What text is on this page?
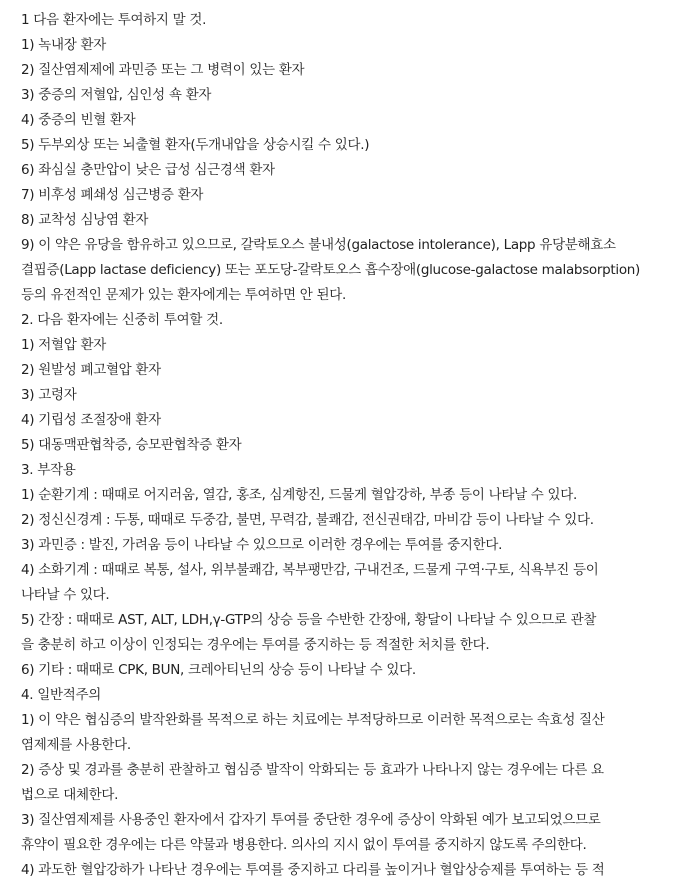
1 다음 환자에는 투여하지 말 것.

1) 녹내장 환자

2) 질산염제제에 과민증 또는 그 병력이 있는 환자

3) 중증의 저혈압, 심인성 쇽 환자

4) 중증의 빈혈 환자

5) 두부외상 또는 뇌출혈 환자(두개내압을 상승시킬 수 있다.)

6) 좌심실 충만압이 낮은 급성 심근경색 환자

7) 비후성 폐쇄성 심근병증 환자

8) 교착성 심낭염 환자

9) 이 약은 유당을 함유하고 있으므로, 갈락토오스 불내성(galactose intolerance), Lapp 유당분해효소

결핍증(Lapp lactase deficiency) 또는 포도당-갈락토오스 흡수장애(glucose-galactose malabsorption)

등의 유전적인 문제가 있는 환자에게는 투여하면 안 된다.

2. 다음 환자에는 신중히 투여할 것.

1) 저혈압 환자

2) 원발성 폐고혈압 환자

3) 고령자

4) 기립성 조절장애 환자

5) 대동맥판협착증, 승모판협착증 환자

3. 부작용

1) 순환기계 : 때때로 어지러움, 열감, 홍조, 심계항진, 드물게 혈압강하, 부종 등이 나타날 수 있다.

2) 정신신경계 : 두통, 때때로 두중감, 불면, 무력감, 불쾌감, 전신권태감, 마비감 등이 나타날 수 있다.

3) 과민증 : 발진, 가려움 등이 나타날 수 있으므로 이러한 경우에는 투여를 중지한다.

4) 소화기계 : 때때로 복통, 설사, 위부불쾌감, 복부팽만감, 구내건조, 드물게 구역·구토, 식욕부진 등이

나타날 수 있다.

5) 간장 : 때때로 AST, ALT, LDH,γ-GTP의 상승 등을 수반한 간장애, 황달이 나타날 수 있으므로 관찰

을 충분히 하고 이상이 인정되는 경우에는 투여를 중지하는 등 적절한 처치를 한다.

6) 기타 : 때때로 CPK, BUN, 크레아티닌의 상승 등이 나타날 수 있다.

4. 일반적주의

1) 이 약은 협심증의 발작완화를 목적으로 하는 치료에는 부적당하므로 이러한 목적으로는 속효성 질산

염제제를 사용한다.

2) 증상 및 경과를 충분히 관찰하고 협심증 발작이 악화되는 등 효과가 나타나지 않는 경우에는 다른 요

법으로 대체한다.

3) 질산염제제를 사용중인 환자에서 갑자기 투여를 중단한 경우에 증상이 악화된 예가 보고되었으므로

휴약이 필요한 경우에는 다른 약물과 병용한다. 의사의 지시 없이 투여를 중지하지 않도록 주의한다.

4) 과도한 혈압강하가 나타난 경우에는 투여를 중지하고 다리를 높이거나 혈압상승제를 투여하는 등 적
